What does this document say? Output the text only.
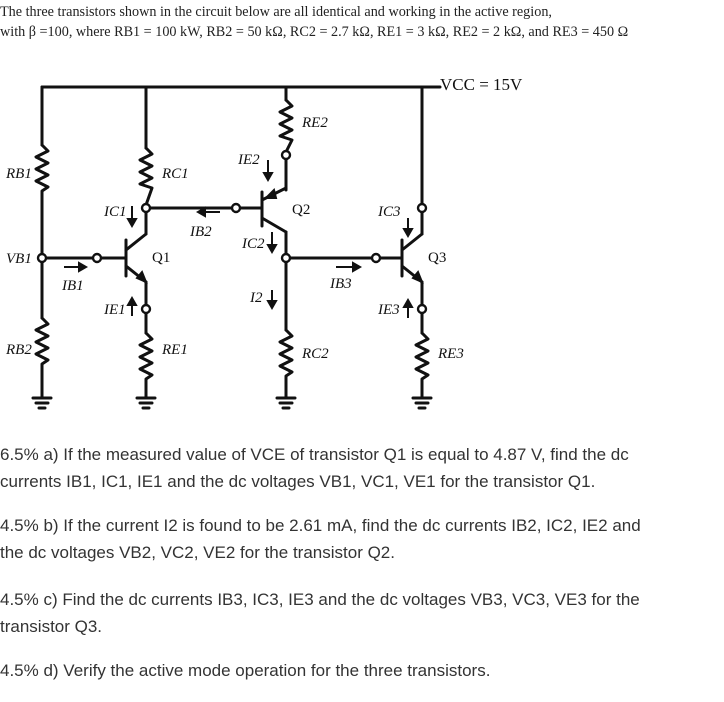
The three transistors shown in the circuit below are all identical and working in the active region,
with β =100, where RB1 = 100 kW, RB2 = 50 kΩ, RC2 = 2.7 kΩ, RE1 = 3 kΩ, RE2 = 2 kΩ, and RE3 = 450 Ω
VCC = 15V
RB1
RB2
VB1
RC1
RE1
RE2
RC2	RE3
Q1
Q2
Q3
IB1
IC1
IE1
IB2
IE2
IC2
I2
IB3
IC3
IE3
6.5% a) If the measured value of VCE of transistor Q1 is equal to 4.87 V, find the dc
currents IB1, IC1, IE1 and the dc voltages VB1, VC1, VE1 for the transistor Q1.
4.5% b) If the current I2 is found to be 2.61 mA, find the dc currents IB2, IC2, IE2 and
the dc voltages VB2, VC2, VE2 for the transistor Q2.
4.5% c) Find the dc currents IB3, IC3, IE3 and the dc voltages VB3, VC3, VE3 for the
transistor Q3.
4.5% d) Verify the active mode operation for the three transistors.
